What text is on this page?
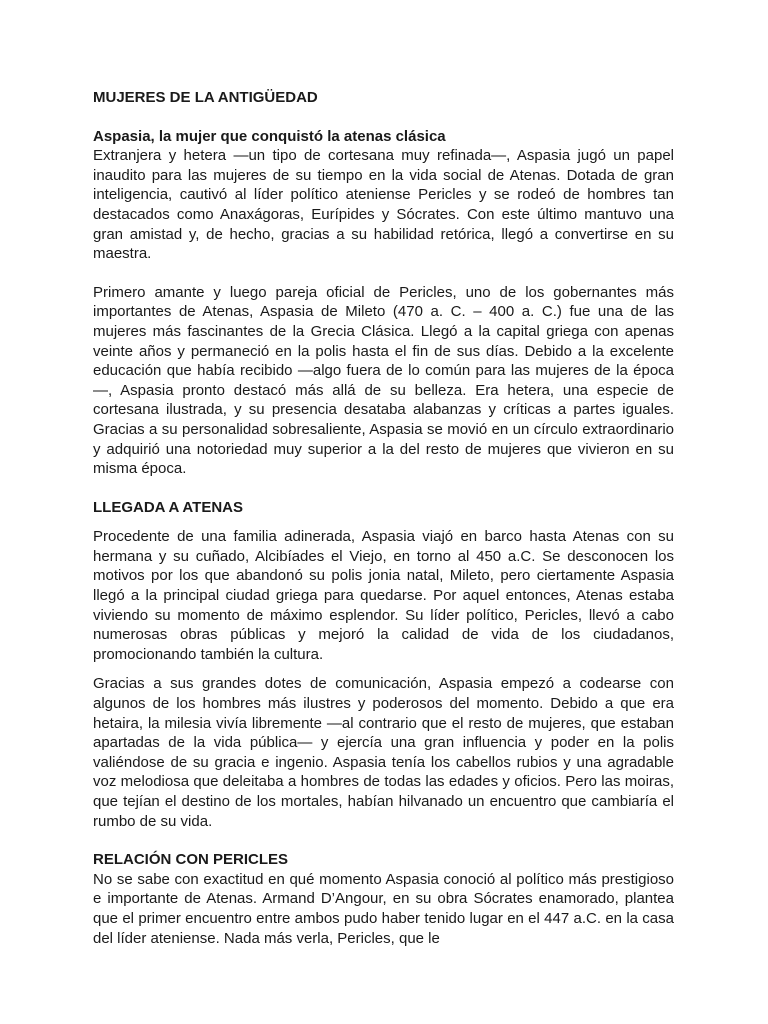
MUJERES DE LA ANTIGÜEDAD
Aspasia, la mujer que conquistó la atenas clásica

Extranjera y hetera —un tipo de cortesana muy refinada—, Aspasia jugó un papel inaudito para las mujeres de su tiempo en la vida social de Atenas. Dotada de gran inteligencia, cautivó al líder político ateniense Pericles y se rodeó de hombres tan destacados como Anaxágoras, Eurípides y Sócrates. Con este último mantuvo una gran amistad y, de hecho, gracias a su habilidad retórica, llegó a convertirse en su maestra.

Primero amante y luego pareja oficial de Pericles, uno de los gobernantes más importantes de Atenas, Aspasia de Mileto (470 a. C. – 400 a. C.) fue una de las mujeres más fascinantes de la Grecia Clásica. Llegó a la capital griega con apenas veinte años y permaneció en la polis hasta el fin de sus días. Debido a la excelente educación que había recibido —algo fuera de lo común para las mujeres de la época—, Aspasia pronto destacó más allá de su belleza. Era hetera, una especie de cortesana ilustrada, y su presencia desataba alabanzas y críticas a partes iguales. Gracias a su personalidad sobresaliente, Aspasia se movió en un círculo extraordinario y adquirió una notoriedad muy superior a la del resto de mujeres que vivieron en su misma época.

LLEGADA A ATENAS

Procedente de una familia adinerada, Aspasia viajó en barco hasta Atenas con su hermana y su cuñado, Alcibíades el Viejo, en torno al 450 a.C. Se desconocen los motivos por los que abandonó su polis jonia natal, Mileto, pero ciertamente Aspasia llegó a la principal ciudad griega para quedarse. Por aquel entonces, Atenas estaba viviendo su momento de máximo esplendor. Su líder político, Pericles, llevó a cabo numerosas obras públicas y mejoró la calidad de vida de los ciudadanos, promocionando también la cultura.

Gracias a sus grandes dotes de comunicación, Aspasia empezó a codearse con algunos de los hombres más ilustres y poderosos del momento. Debido a que era hetaira, la milesia vivía libremente —al contrario que el resto de mujeres, que estaban apartadas de la vida pública— y ejercía una gran influencia y poder en la polis valiéndose de su gracia e ingenio. Aspasia tenía los cabellos rubios y una agradable voz melodiosa que deleitaba a hombres de todas las edades y oficios. Pero las moiras, que tejían el destino de los mortales, habían hilvanado un encuentro que cambiaría el rumbo de su vida.

RELACIÓN CON PERICLES

No se sabe con exactitud en qué momento Aspasia conoció al político más prestigioso e importante de Atenas. Armand D’Angour, en su obra Sócrates enamorado, plantea que el primer encuentro entre ambos pudo haber tenido lugar en el 447 a.C. en la casa del líder ateniense. Nada más verla, Pericles, que le
